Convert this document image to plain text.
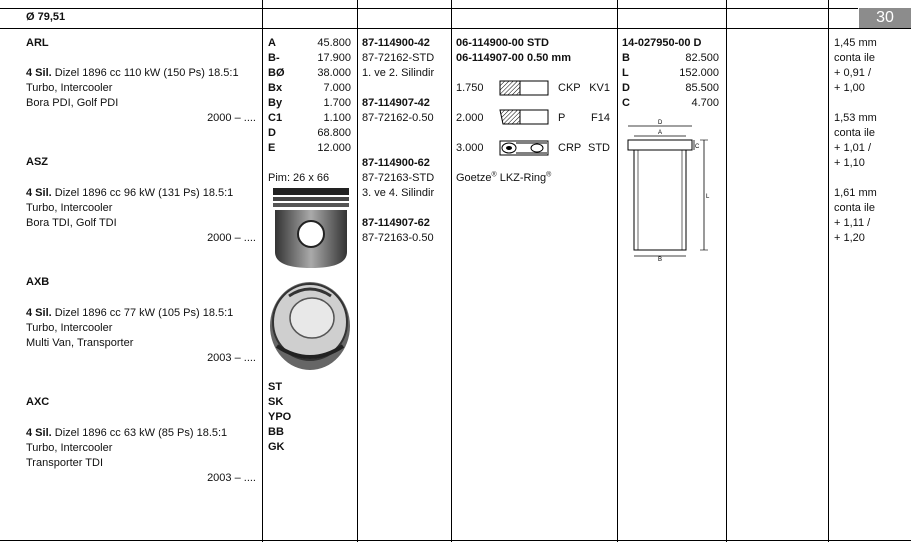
Ø 79,51	30
ARL
4 Sil. Dizel 1896 cc 110 kW (150 Ps) 18.5:1
Turbo, Intercooler
Bora PDI, Golf PDI
2000 – ....
ASZ
4 Sil. Dizel 1896 cc 96 kW (131 Ps) 18.5:1
Turbo, Intercooler
Bora TDI, Golf TDI
2000 – ....
AXB
4 Sil. Dizel 1896 cc 77 kW (105 Ps) 18.5:1
Turbo, Intercooler
Multi Van, Transporter
2003 – ....
AXC
4 Sil. Dizel 1896 cc 63 kW (85 Ps) 18.5:1
Turbo, Intercooler
Transporter TDI
2003 – ....
A	45.800
B-	17.900
BØ	38.000
Bx	7.000
By	1.700
C1	1.100
D	68.800
E	12.000
Pim: 26 x 66
ST
SK
YPO
BB
GK
87-114900-42
87-72162-STD
1. ve 2. Silindir
87-114907-42
87-72162-0.50
87-114900-62
87-72163-STD
3. ve 4. Silindir
87-114907-62
87-72163-0.50
06-114900-00 STD
06-114907-00 0.50 mm
1.750	CKP KV1
2.000	P F14
3.000	CRP STD
Goetze® LKZ-Ring®
14-027950-00 D
B	82.500
L	152.000
D	85.500
C	4.700
D
A
B
C
L
1,45 mm
conta ile
+ 0,91 /
+ 1,00
1,53 mm
conta ile
+ 1,01 /
+ 1,10
1,61 mm
conta ile
+ 1,11 /
+ 1,20
